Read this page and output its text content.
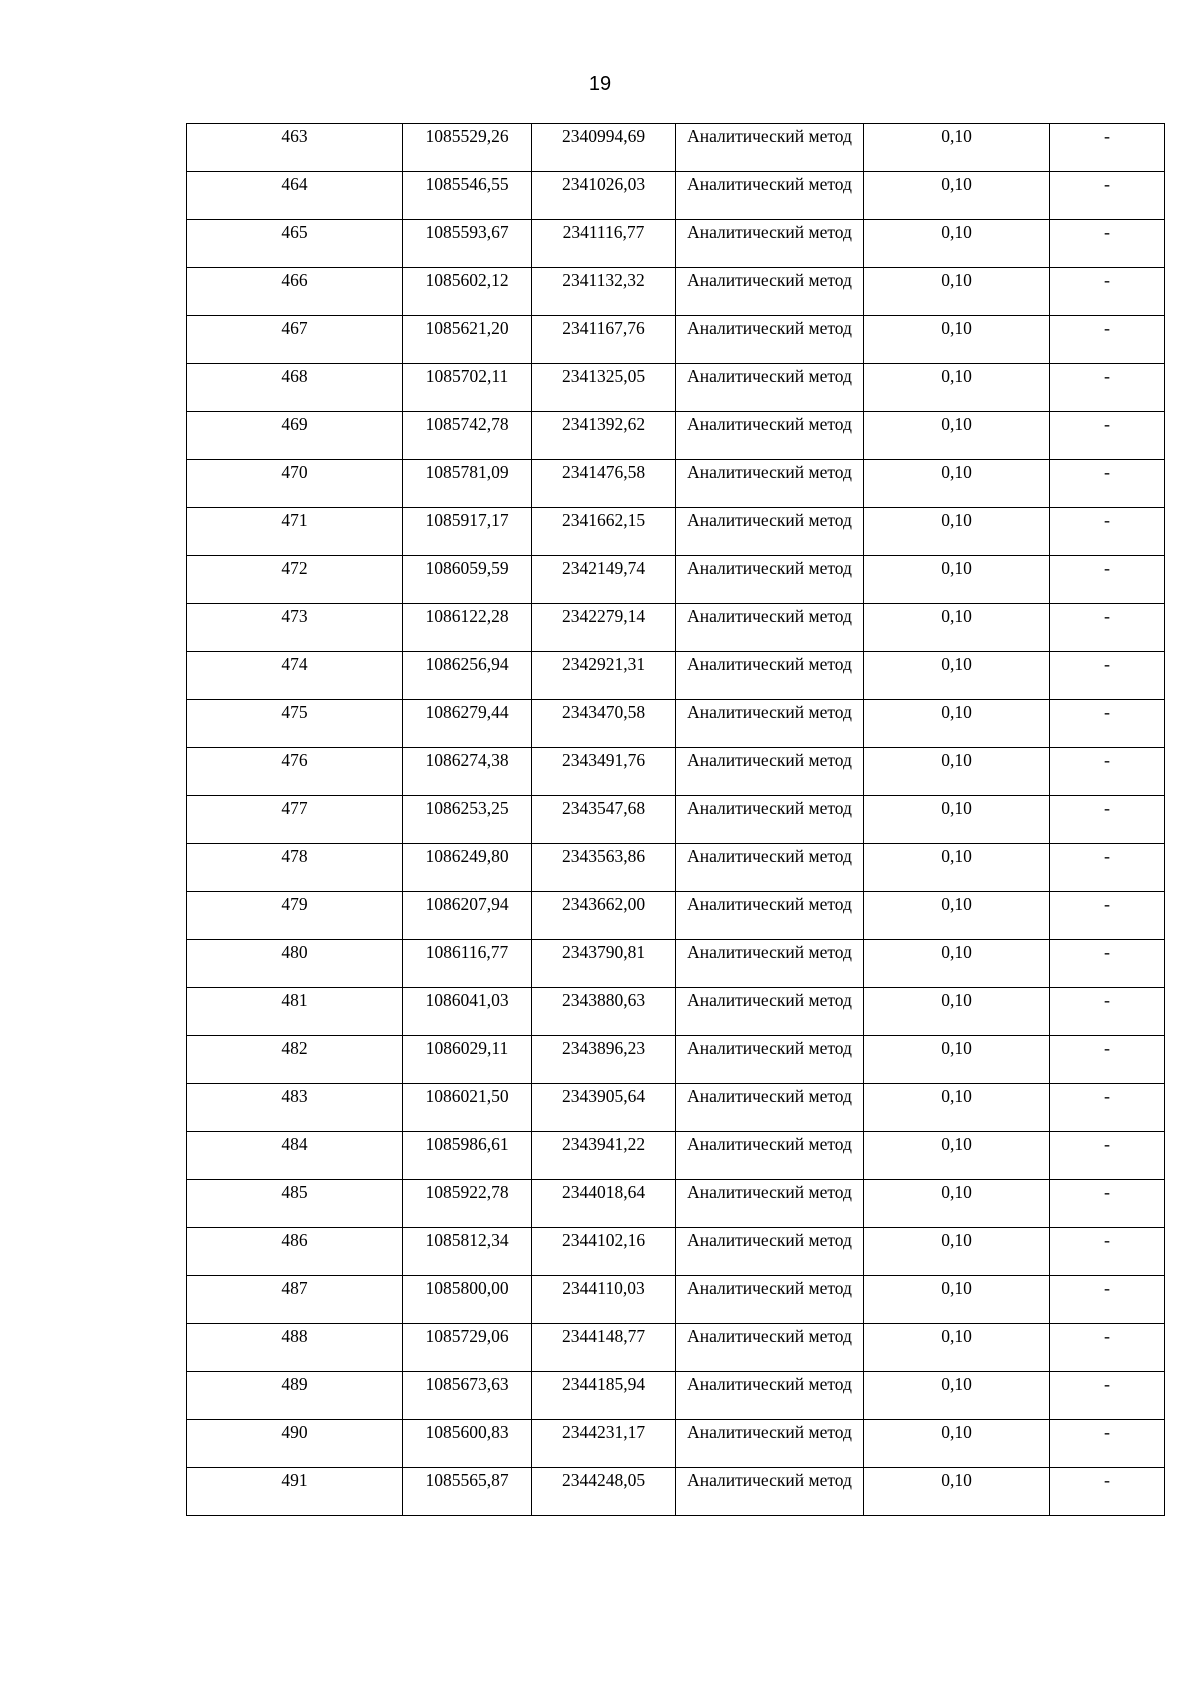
19
463	1085529,26	2340994,69	Аналитический метод	0,10	-
464	1085546,55	2341026,03	Аналитический метод	0,10	-
465	1085593,67	2341116,77	Аналитический метод	0,10	-
466	1085602,12	2341132,32	Аналитический метод	0,10	-
467	1085621,20	2341167,76	Аналитический метод	0,10	-
468	1085702,11	2341325,05	Аналитический метод	0,10	-
469	1085742,78	2341392,62	Аналитический метод	0,10	-
470	1085781,09	2341476,58	Аналитический метод	0,10	-
471	1085917,17	2341662,15	Аналитический метод	0,10	-
472	1086059,59	2342149,74	Аналитический метод	0,10	-
473	1086122,28	2342279,14	Аналитический метод	0,10	-
474	1086256,94	2342921,31	Аналитический метод	0,10	-
475	1086279,44	2343470,58	Аналитический метод	0,10	-
476	1086274,38	2343491,76	Аналитический метод	0,10	-
477	1086253,25	2343547,68	Аналитический метод	0,10	-
478	1086249,80	2343563,86	Аналитический метод	0,10	-
479	1086207,94	2343662,00	Аналитический метод	0,10	-
480	1086116,77	2343790,81	Аналитический метод	0,10	-
481	1086041,03	2343880,63	Аналитический метод	0,10	-
482	1086029,11	2343896,23	Аналитический метод	0,10	-
483	1086021,50	2343905,64	Аналитический метод	0,10	-
484	1085986,61	2343941,22	Аналитический метод	0,10	-
485	1085922,78	2344018,64	Аналитический метод	0,10	-
486	1085812,34	2344102,16	Аналитический метод	0,10	-
487	1085800,00	2344110,03	Аналитический метод	0,10	-
488	1085729,06	2344148,77	Аналитический метод	0,10	-
489	1085673,63	2344185,94	Аналитический метод	0,10	-
490	1085600,83	2344231,17	Аналитический метод	0,10	-
491	1085565,87	2344248,05	Аналитический метод	0,10	-
